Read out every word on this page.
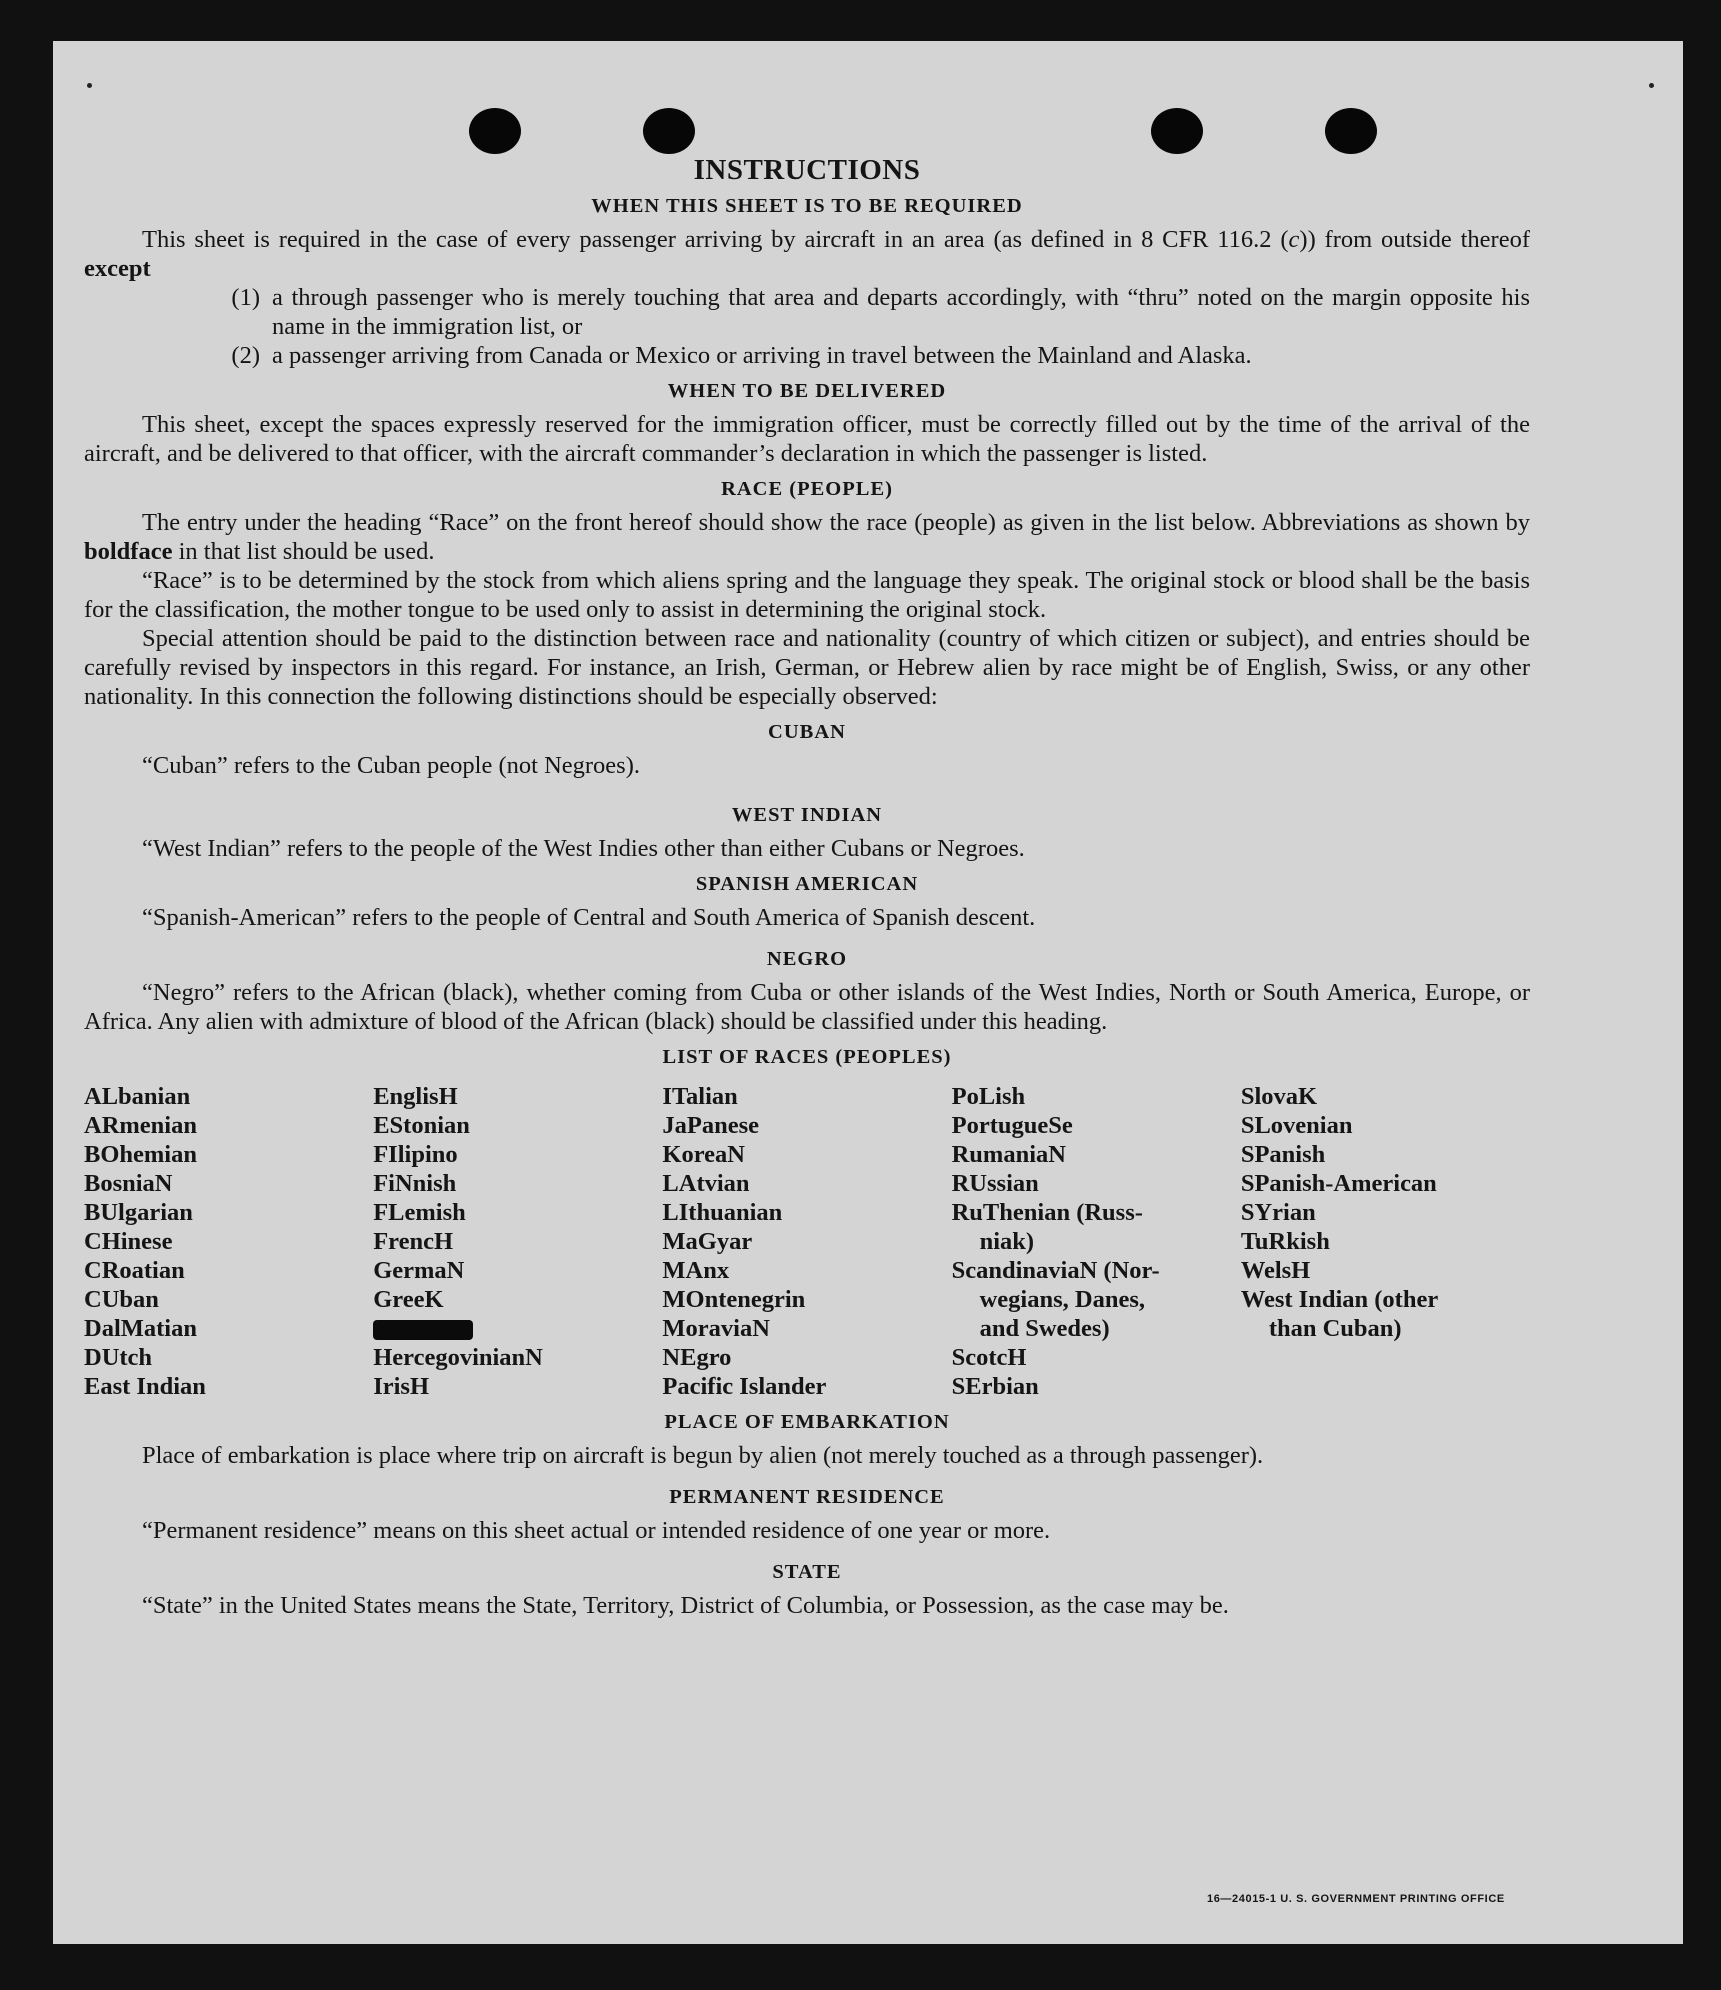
INSTRUCTIONS
WHEN THIS SHEET IS TO BE REQUIRED

This sheet is required in the case of every passenger arriving by aircraft in an area (as defined in 8 CFR 116.2 (c)) from outside thereof except

(1) a through passenger who is merely touching that area and departs accordingly, with “thru” noted on the margin opposite his name in the immigration list, or
(2) a passenger arriving from Canada or Mexico or arriving in travel between the Mainland and Alaska.
WHEN TO BE DELIVERED

This sheet, except the spaces expressly reserved for the immigration officer, must be correctly filled out by the time of the arrival of the aircraft, and be delivered to that officer, with the aircraft commander’s declaration in which the passenger is listed.

RACE (PEOPLE)

The entry under the heading “Race” on the front hereof should show the race (people) as given in the list below. Abbreviations as shown by boldface in that list should be used.

“Race” is to be determined by the stock from which aliens spring and the language they speak. The original stock or blood shall be the basis for the classification, the mother tongue to be used only to assist in determining the original stock.

Special attention should be paid to the distinction between race and nationality (country of which citizen or subject), and entries should be carefully revised by inspectors in this regard. For instance, an Irish, German, or Hebrew alien by race might be of English, Swiss, or any other nationality. In this connection the following distinctions should be especially observed:

CUBAN

“Cuban” refers to the Cuban people (not Negroes).

WEST INDIAN

“West Indian” refers to the people of the West Indies other than either Cubans or Negroes.

SPANISH AMERICAN

“Spanish-American” refers to the people of Central and South America of Spanish descent.

NEGRO

“Negro” refers to the African (black), whether coming from Cuba or other islands of the West Indies, North or South America, Europe, or Africa. Any alien with admixture of blood of the African (black) should be classified under this heading.

LIST OF RACES (PEOPLES)
ALbanian
ARmenian
BOhemian
BosniaN
BUlgarian
CHinese
CRoatian
CUban
DalMatian
DUtch
East Indian
EnglisH
EStonian
FIlipino
FiNnish
FLemish
FrencH
GermaN
GreeK
HercegovinianN
IrisH
ITalian
JaPanese
KoreaN
LAtvian
LIthuanian
MaGyar
MAnx
MOntenegrin
MoraviaN
NEgro
Pacific Islander
PoLish
PortugueSe
RumaniaN
RUssian
RuThenian (Russ-
niak)
ScandinaviaN (Nor-
wegians, Danes,
and Swedes)
ScotcH
SErbian
SlovaK
SLovenian
SPanish
SPanish-American
SYrian
TuRkish
WelsH
West Indian (other
than Cuban)
PLACE OF EMBARKATION

Place of embarkation is place where trip on aircraft is begun by alien (not merely touched as a through passenger).

PERMANENT RESIDENCE

“Permanent residence” means on this sheet actual or intended residence of one year or more.

STATE

“State” in the United States means the State, Territory, District of Columbia, or Possession, as the case may be.

16—24015-1 U. S. GOVERNMENT PRINTING OFFICE
